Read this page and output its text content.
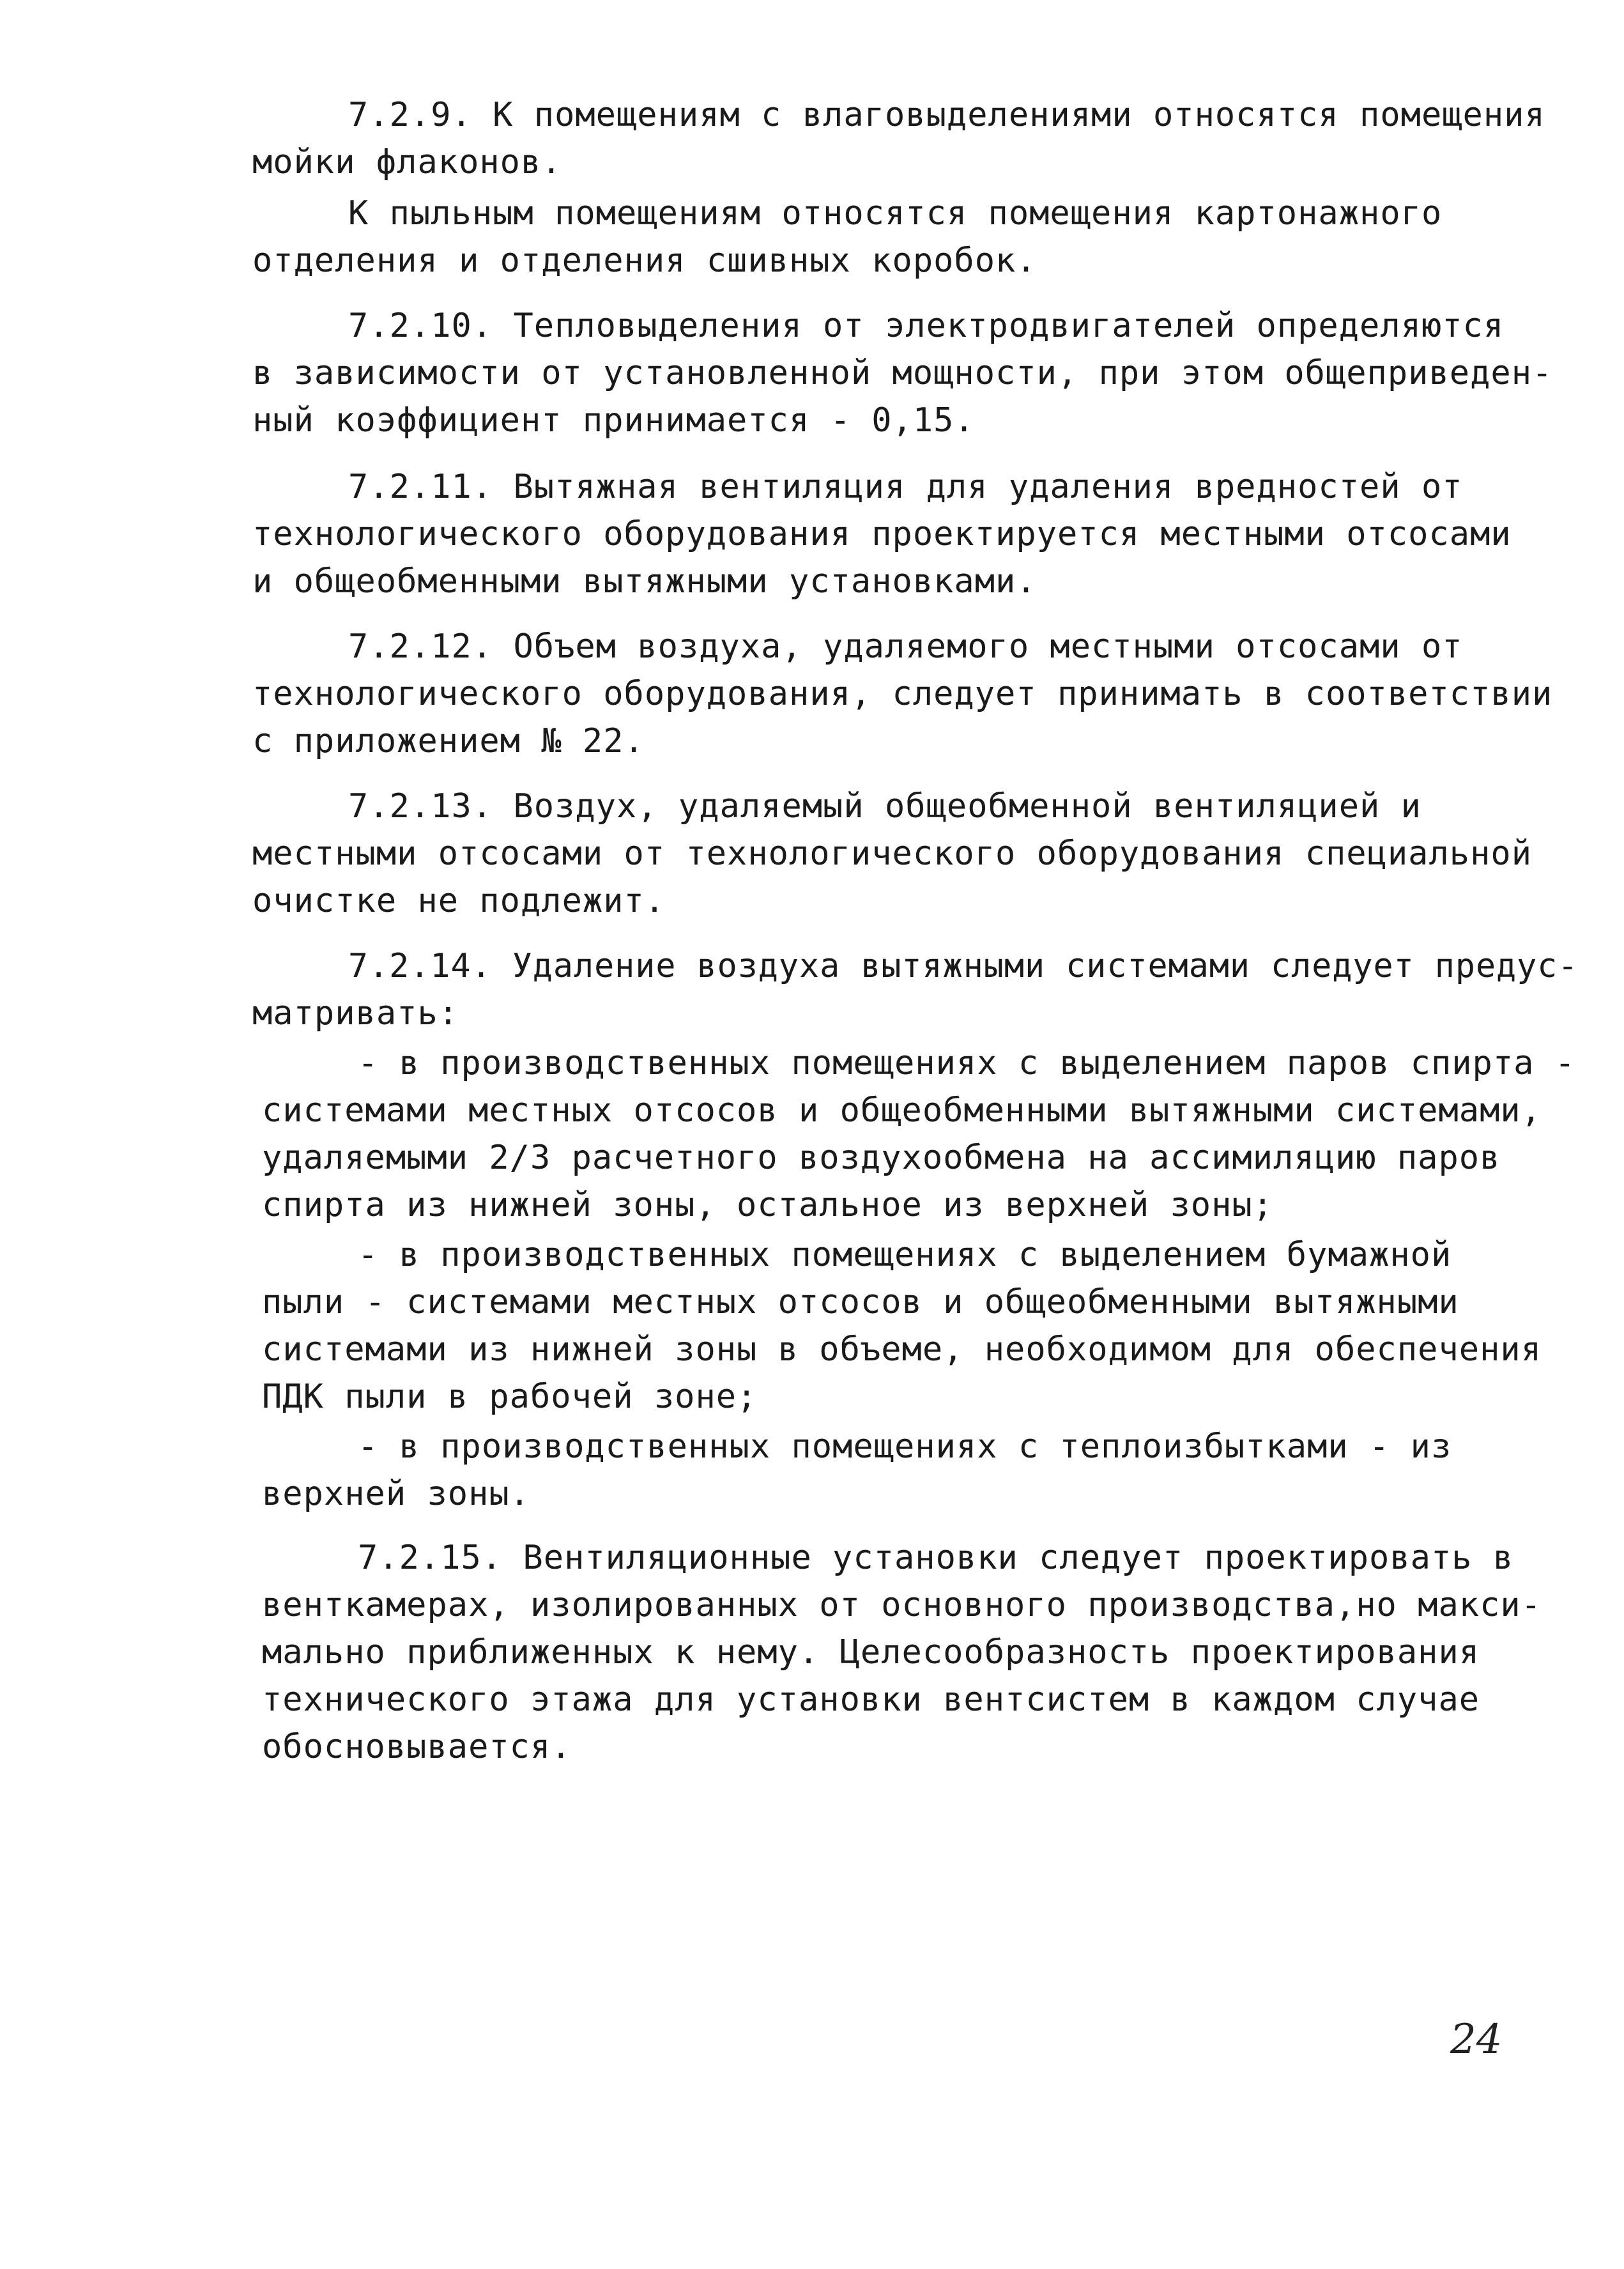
7.2.9. К помещениям с влаговыделениями относятся помещения
мойки флаконов.
К пыльным помещениям относятся помещения картонажного
отделения и отделения сшивных коробок.
7.2.10. Тепловыделения от электродвигателей определяются
в зависимости от установленной мощности, при этом общеприведен-
ный коэффициент принимается - 0,15.
7.2.11. Вытяжная вентиляция для удаления вредностей от
технологического оборудования проектируется местными отсосами
и общеобменными вытяжными установками.
7.2.12. Объем воздуха, удаляемого местными отсосами от
технологического оборудования, следует принимать в соответствии
с приложением № 22.
7.2.13. Воздух, удаляемый общеобменной вентиляцией и
местными отсосами от технологического оборудования специальной
очистке не подлежит.
7.2.14. Удаление воздуха вытяжными системами следует предус-
матривать:
- в производственных помещениях с выделением паров спирта -
системами местных отсосов и общеобменными вытяжными системами,
удаляемыми 2/3 расчетного воздухообмена на ассимиляцию паров
спирта из нижней зоны, остальное из верхней зоны;
- в производственных помещениях с выделением бумажной
пыли - системами местных отсосов и общеобменными вытяжными
системами из нижней зоны в объеме, необходимом для обеспечения
ПДК пыли в рабочей зоне;
- в производственных помещениях с теплоизбытками - из
верхней зоны.
7.2.15. Вентиляционные установки следует проектировать в
венткамерах, изолированных от основного производства,но макси-
мально приближенных к нему. Целесообразность проектирования
технического этажа для установки вентсистем в каждом случае
обосновывается.
24
